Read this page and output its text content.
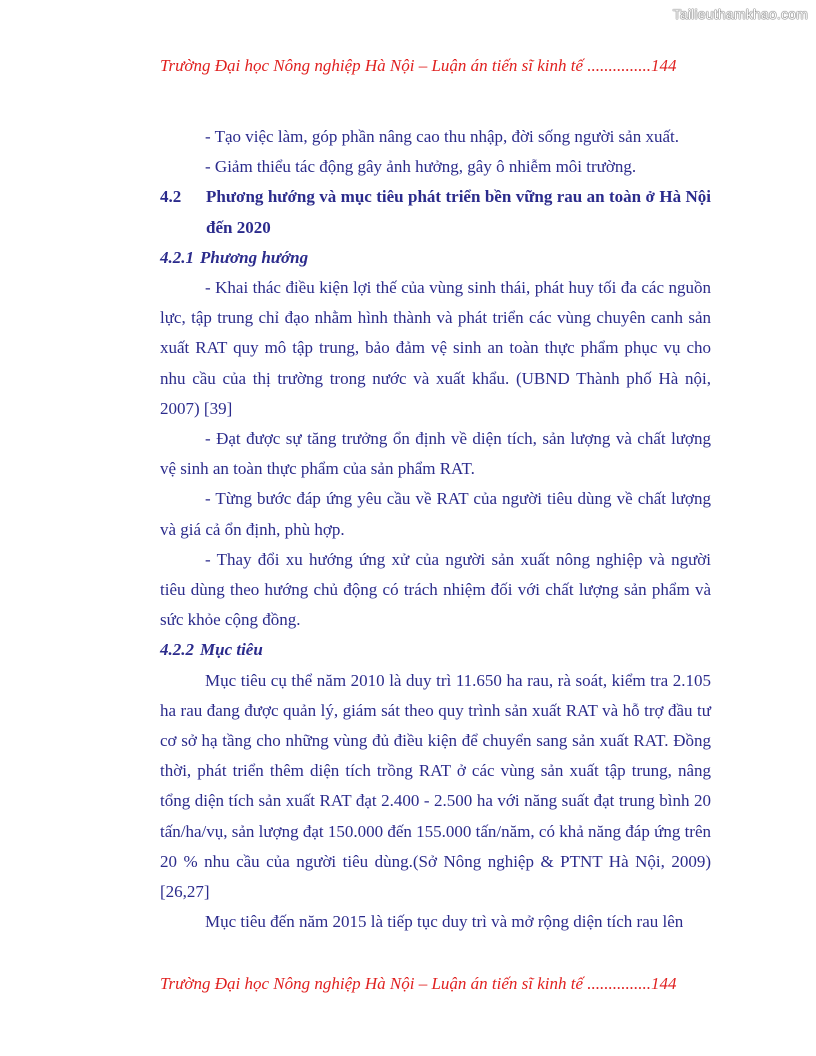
Tailieuthamkhao.com
Trường Đại học Nông nghiệp Hà Nội – Luận án tiến sĩ kinh tế ...............144

- Tạo việc làm, góp phần nâng cao thu nhập, đời sống người sản xuất.

- Giảm thiểu tác động gây ảnh hưởng, gây ô nhiễm môi trường.

4.2	Phương hướng và mục tiêu phát triển bền vững rau an toàn ở Hà Nội đến 2020
4.2.1 Phương hướng

- Khai thác điều kiện lợi thế của vùng sinh thái, phát huy tối đa các nguồn lực, tập trung chỉ đạo nhằm hình thành và phát triển các vùng chuyên canh sản xuất RAT quy mô tập trung, bảo đảm vệ sinh an toàn thực phẩm phục vụ cho nhu cầu của thị trường trong nước và xuất khẩu. (UBND Thành phố Hà nội, 2007) [39]

- Đạt được sự tăng trưởng ổn định về diện tích, sản lượng và chất lượng vệ sinh an toàn thực phẩm của sản phẩm RAT.

- Từng bước đáp ứng yêu cầu về RAT của người tiêu dùng về chất lượng và giá cả ổn định, phù hợp.

- Thay đổi xu hướng ứng xử của người sản xuất nông nghiệp và người tiêu dùng theo hướng chủ động có trách nhiệm đối với chất lượng sản phẩm và sức khỏe cộng đồng.

4.2.2 Mục tiêu

Mục tiêu cụ thể năm 2010 là duy trì 11.650 ha rau, rà soát, kiểm tra 2.105 ha rau đang được quản lý, giám sát theo quy trình sản xuất RAT và hỗ trợ đầu tư cơ sở hạ tầng cho những vùng đủ điều kiện để chuyển sang sản xuất RAT. Đồng thời, phát triển thêm diện tích trồng RAT ở các vùng sản xuất tập trung, nâng tổng diện tích sản xuất RAT đạt 2.400 - 2.500 ha với năng suất đạt trung bình 20 tấn/ha/vụ, sản lượng đạt 150.000 đến 155.000 tấn/năm, có khả năng đáp ứng trên 20 % nhu cầu của người tiêu dùng.(Sở Nông nghiệp & PTNT Hà Nội, 2009) [26,27]

Mục tiêu đến năm 2015 là tiếp tục duy trì và mở rộng diện tích rau lên

Trường Đại học Nông nghiệp Hà Nội – Luận án tiến sĩ kinh tế ...............144
